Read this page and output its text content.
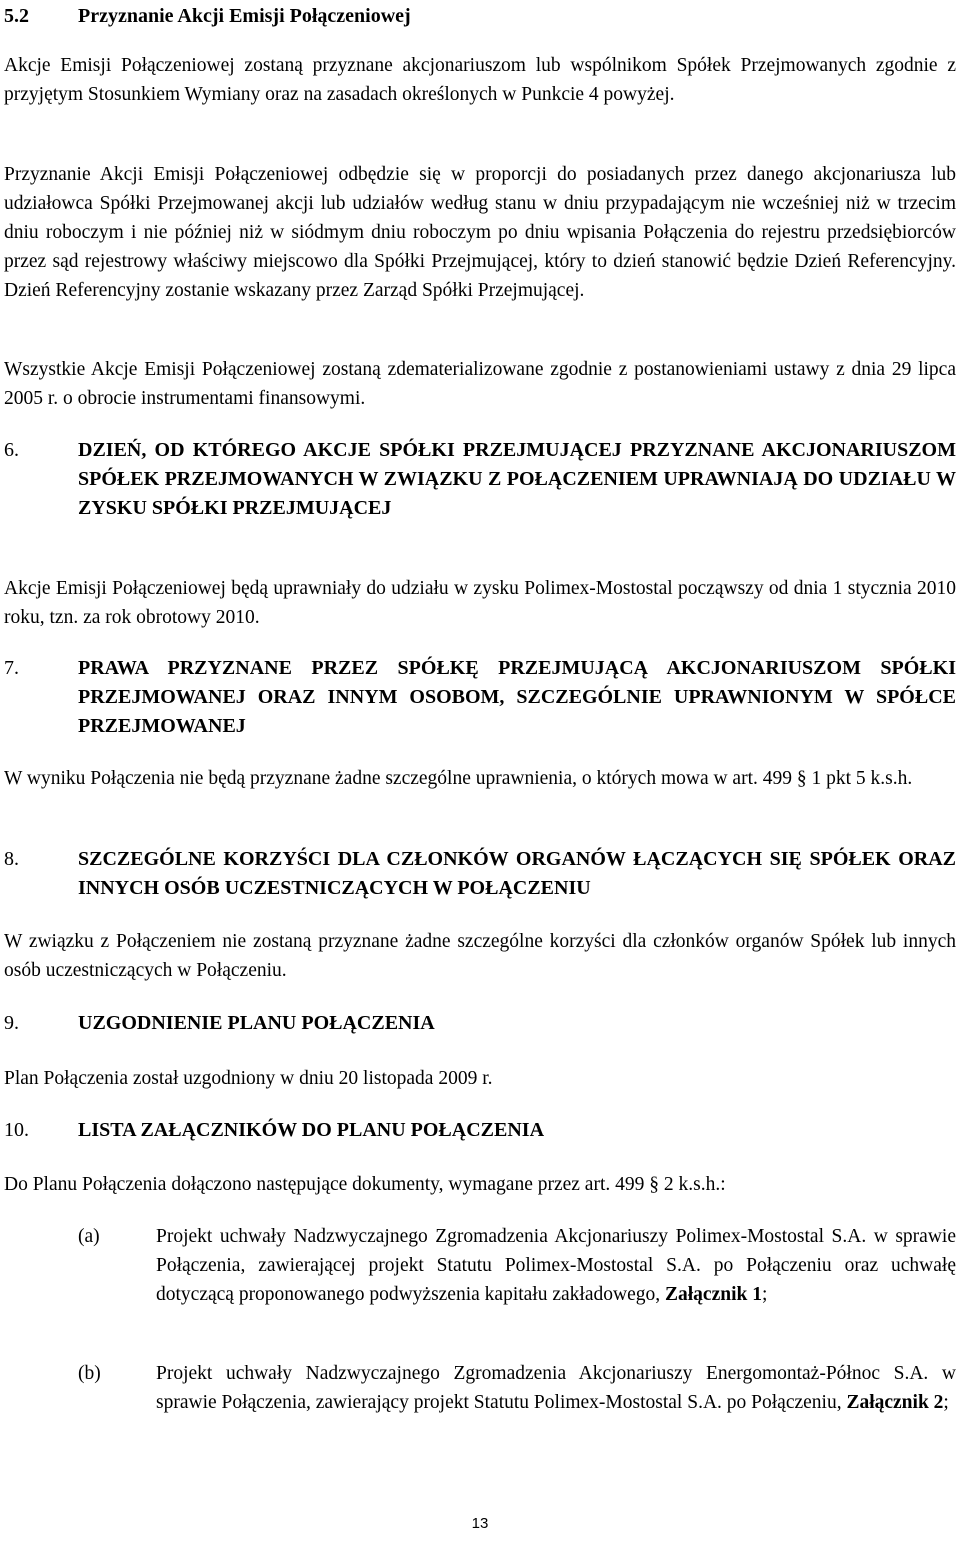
5.2 Przyznanie Akcji Emisji Połączeniowej
Akcje Emisji Połączeniowej zostaną przyznane akcjonariuszom lub wspólnikom Spółek Przejmowanych zgodnie z przyjętym Stosunkiem Wymiany oraz na zasadach określonych w Punkcie 4 powyżej.
Przyznanie Akcji Emisji Połączeniowej odbędzie się w proporcji do posiadanych przez danego akcjonariusza lub udziałowca Spółki Przejmowanej akcji lub udziałów według stanu w dniu przypadającym nie wcześniej niż w trzecim dniu roboczym i nie później niż w siódmym dniu roboczym po dniu wpisania Połączenia do rejestru przedsiębiorców przez sąd rejestrowy właściwy miejscowo dla Spółki Przejmującej, który to dzień stanowić będzie Dzień Referencyjny. Dzień Referencyjny zostanie wskazany przez Zarząd Spółki Przejmującej.
Wszystkie Akcje Emisji Połączeniowej zostaną zdematerializowane zgodnie z postanowieniami ustawy z dnia 29 lipca 2005 r. o obrocie instrumentami finansowymi.
6.	DZIEŃ, OD KTÓREGO AKCJE SPÓŁKI PRZEJMUJĄCEJ PRZYZNANE AKCJONARIUSZOM SPÓŁEK PRZEJMOWANYCH W ZWIĄZKU Z POŁĄCZENIEM UPRAWNIAJĄ DO UDZIAŁU W ZYSKU SPÓŁKI PRZEJMUJĄCEJ
Akcje Emisji Połączeniowej będą uprawniały do udziału w zysku Polimex-Mostostal począwszy od dnia 1 stycznia 2010 roku, tzn. za rok obrotowy 2010.
7.	PRAWA PRZYZNANE PRZEZ SPÓŁKĘ PRZEJMUJĄCĄ AKCJONARIUSZOM SPÓŁKI PRZEJMOWANEJ ORAZ INNYM OSOBOM, SZCZEGÓLNIE UPRAWNIONYM W SPÓŁCE PRZEJMOWANEJ
W wyniku Połączenia nie będą przyznane żadne szczególne uprawnienia, o których mowa w art. 499 § 1 pkt 5 k.s.h.
8.	SZCZEGÓLNE KORZYŚCI DLA CZŁONKÓW ORGANÓW ŁĄCZĄCYCH SIĘ SPÓŁEK ORAZ INNYCH OSÓB UCZESTNICZĄCYCH W POŁĄCZENIU
W związku z Połączeniem nie zostaną przyznane żadne szczególne korzyści dla członków organów Spółek lub innych osób uczestniczących w Połączeniu.
9.	UZGODNIENIE PLANU POŁĄCZENIA
Plan Połączenia został uzgodniony w dniu 20 listopada 2009 r.
10. LISTA ZAŁĄCZNIKÓW DO PLANU POŁĄCZENIA
Do Planu Połączenia dołączono następujące dokumenty, wymagane przez art. 499 § 2 k.s.h.:
(a)	Projekt uchwały Nadzwyczajnego Zgromadzenia Akcjonariuszy Polimex-Mostostal S.A. w sprawie Połączenia, zawierającej projekt Statutu Polimex-Mostostal S.A. po Połączeniu oraz uchwałę dotyczącą proponowanego podwyższenia kapitału zakładowego, Załącznik 1;
(b)	Projekt uchwały Nadzwyczajnego Zgromadzenia Akcjonariuszy Energomontaż-Północ S.A. w sprawie Połączenia, zawierający projekt Statutu Polimex-Mostostal S.A. po Połączeniu, Załącznik 2;
13
